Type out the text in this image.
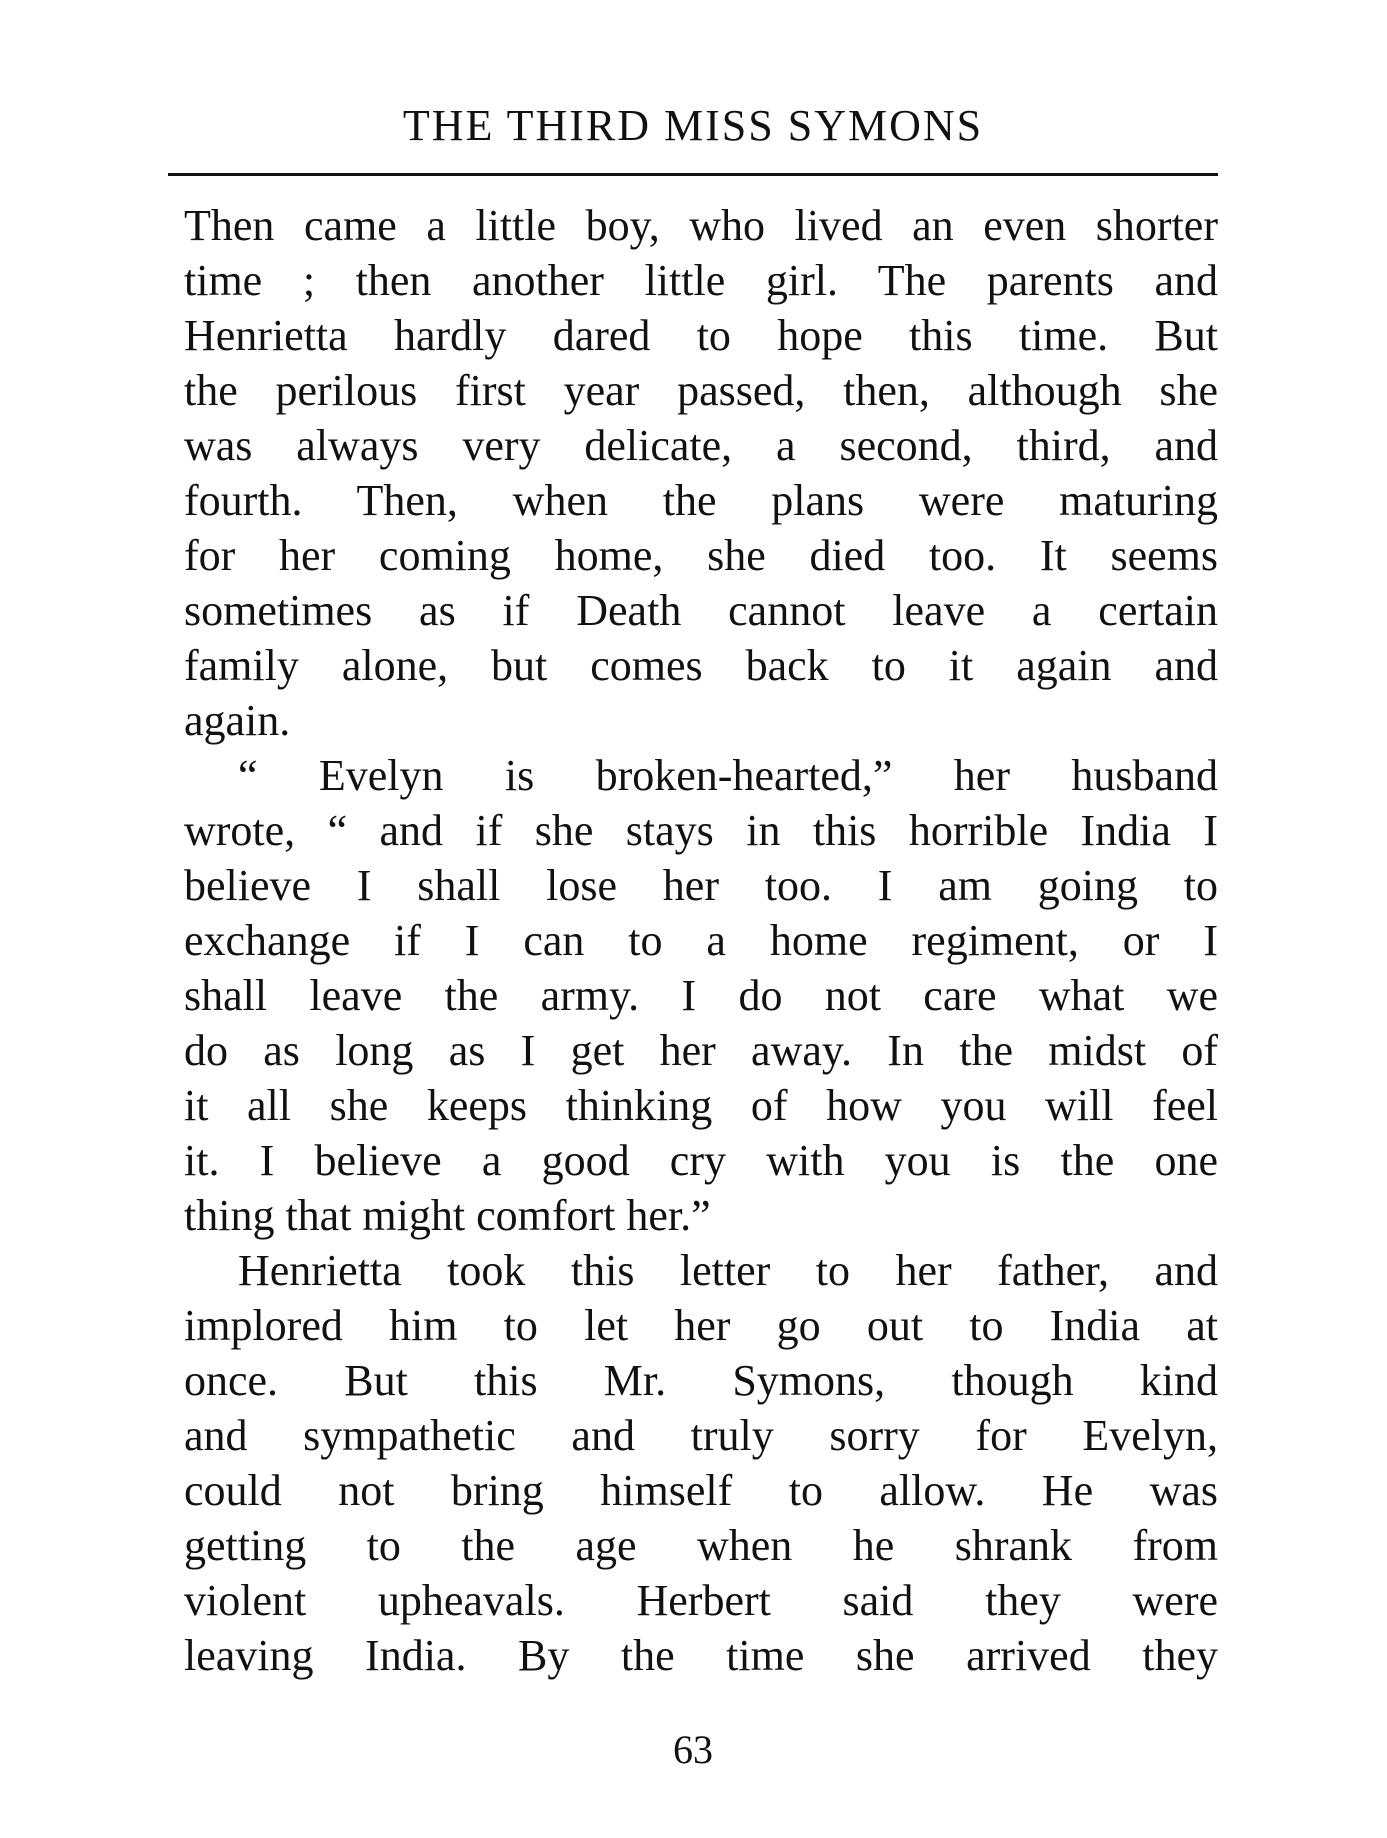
THE THIRD MISS SYMONS
Then came a little boy, who lived an even shorter
time ; then another little girl. The parents and
Henrietta hardly dared to hope this time. But
the perilous first year passed, then, although she
was always very delicate, a second, third, and
fourth. Then, when the plans were maturing
for her coming home, she died too. It seems
sometimes as if Death cannot leave a certain
family alone, but comes back to it again and
again.
“ Evelyn is broken-hearted,” her husband
wrote, “ and if she stays in this horrible India I
believe I shall lose her too. I am going to
exchange if I can to a home regiment, or I
shall leave the army. I do not care what we
do as long as I get her away. In the midst of
it all she keeps thinking of how you will feel
it. I believe a good cry with you is the one
thing that might comfort her.”
Henrietta took this letter to her father, and
implored him to let her go out to India at
once. But this Mr. Symons, though kind
and sympathetic and truly sorry for Evelyn,
could not bring himself to allow. He was
getting to the age when he shrank from
violent upheavals. Herbert said they were
leaving India. By the time she arrived they
63
